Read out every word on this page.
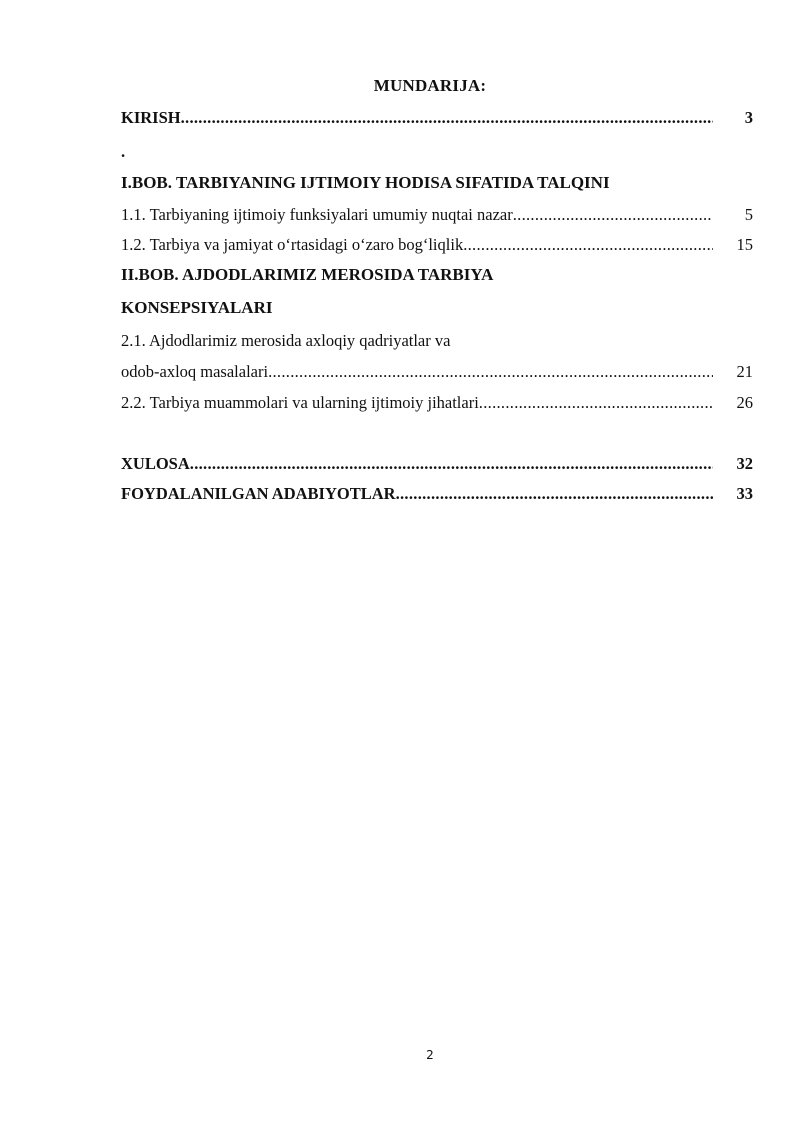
MUNDARIJA:
KIRISH .....	3
.
I.BOB. TARBIYANING IJTIMOIY HODISA SIFATIDA TALQINI
1.1. Tarbiyaning ijtimoiy funksiyalari umumiy nuqtai nazar .....	5
1.2. Tarbiya va jamiyat o‘rtasidagi o‘zaro bog‘liqlik .....	15
II.BOB. AJDODLARIMIZ MEROSIDA TARBIYA
KONSEPSIYALARI
2.1. Ajdodlarimiz merosida axloqiy qadriyatlar va
odob-axloq masalalari .....	21
2.2. Tarbiya muammolari va ularning ijtimoiy jihatlari .....	26
XULOSA .....	32
FOYDALANILGAN ADABIYOTLAR .....	33
2
